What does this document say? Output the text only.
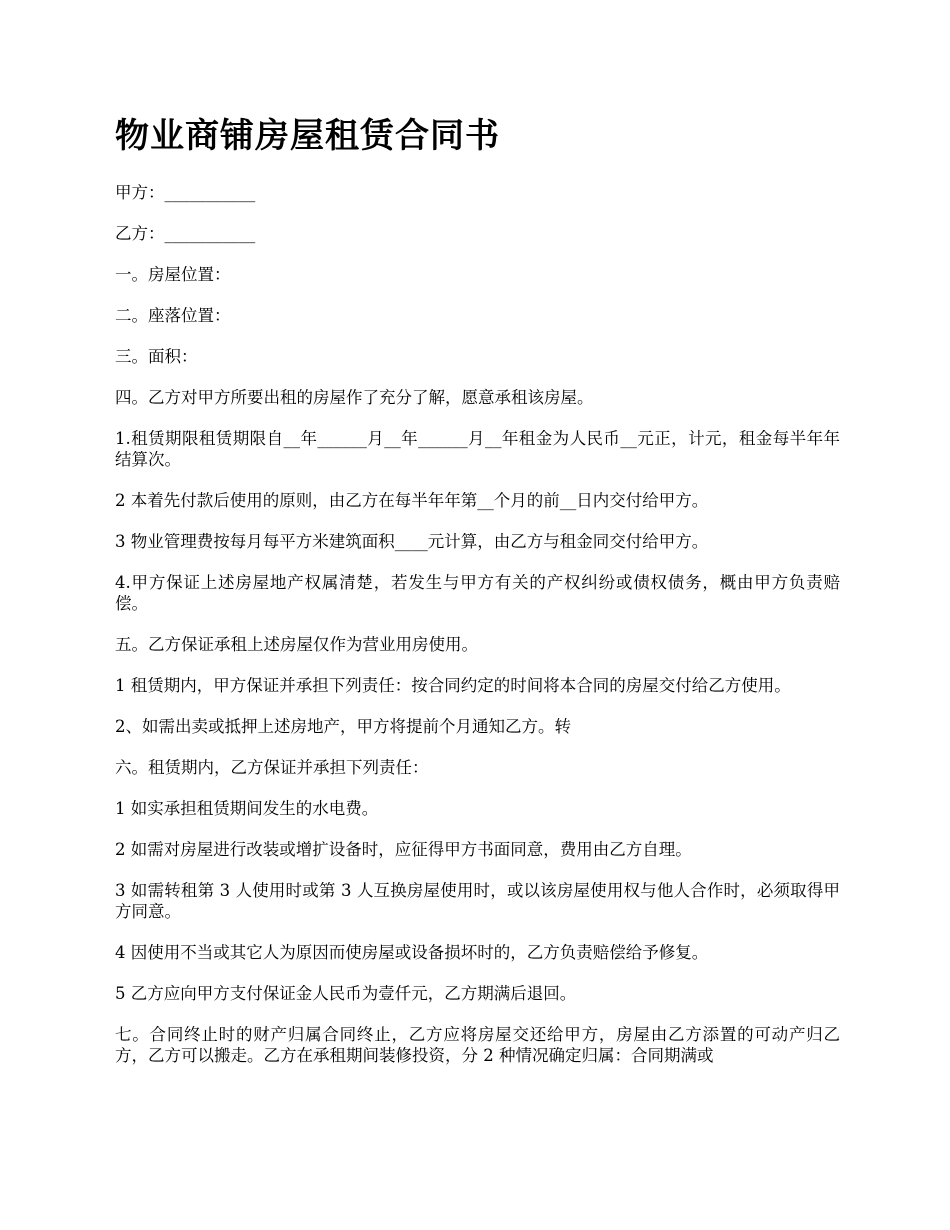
物业商铺房屋租赁合同书

甲方：___________

乙方：___________

一。房屋位置：

二。座落位置：

三。面积：

四。乙方对甲方所要出租的房屋作了充分了解，愿意承租该房屋。

1.租赁期限租赁期限自__年______月__年______月__年租金为人民币__元正，计元，租金每半年年结算次。

2 本着先付款后使用的原则，由乙方在每半年年第__个月的前__日内交付给甲方。

3 物业管理费按每月每平方米建筑面积____元计算，由乙方与租金同交付给甲方。

4.甲方保证上述房屋地产权属清楚，若发生与甲方有关的产权纠纷或债权债务，概由甲方负责赔偿。

五。乙方保证承租上述房屋仅作为营业用房使用。

1 租赁期内，甲方保证并承担下列责任：按合同约定的时间将本合同的房屋交付给乙方使用。

2、如需出卖或抵押上述房地产，甲方将提前个月通知乙方。转

六。租赁期内，乙方保证并承担下列责任：

1 如实承担租赁期间发生的水电费。

2 如需对房屋进行改装或增扩设备时，应征得甲方书面同意，费用由乙方自理。

3 如需转租第 3 人使用时或第 3 人互换房屋使用时，或以该房屋使用权与他人合作时，必须取得甲方同意。

4 因使用不当或其它人为原因而使房屋或设备损坏时的，乙方负责赔偿给予修复。

5 乙方应向甲方支付保证金人民币为壹仟元，乙方期满后退回。

七。合同终止时的财产归属合同终止，乙方应将房屋交还给甲方，房屋由乙方添置的可动产归乙方，乙方可以搬走。乙方在承租期间装修投资，分 2 种情况确定归属：合同期满或
